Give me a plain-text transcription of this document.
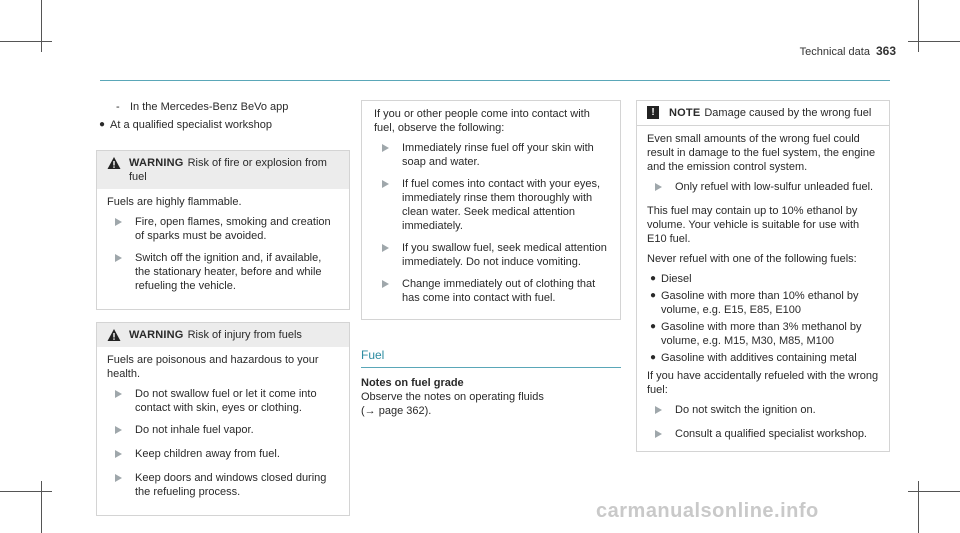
Technical data 363
- In the Mercedes-Benz BeVo app
● At a qualified specialist workshop
WARNING Risk of fire or explosion from fuel

Fuels are highly flammable.

Fire, open flames, smoking and creation of sparks must be avoided.
Switch off the ignition and, if available, the stationary heater, before and while refueling the vehicle.
WARNING Risk of injury from fuels

Fuels are poisonous and hazardous to your health.

Do not swallow fuel or let it come into contact with skin, eyes or clothing.
Do not inhale fuel vapor.
Keep children away from fuel.
Keep doors and windows closed during the refueling process.

If you or other people come into contact with fuel, observe the following:

Immediately rinse fuel off your skin with soap and water.
If fuel comes into contact with your eyes, immediately rinse them thoroughly with clean water. Seek medical attention immediately.
If you swallow fuel, seek medical attention immediately. Do not induce vomiting.
Change immediately out of clothing that has come into contact with fuel.
Fuel
Notes on fuel grade
Observe the notes on operating fluids
(→ page 362).
!	NOTE Damage caused by the wrong fuel

Even small amounts of the wrong fuel could result in damage to the fuel system, the engine and the emission control system.

Only refuel with low-sulfur unleaded fuel.

This fuel may contain up to 10% ethanol by volume. Your vehicle is suitable for use with E10 fuel.

Never refuel with one of the following fuels:

● Diesel
● Gasoline with more than 10% ethanol by volume, e.g. E15, E85, E100
● Gasoline with more than 3% methanol by volume, e.g. M15, M30, M85, M100
● Gasoline with additives containing metal

If you have accidentally refueled with the wrong fuel:

Do not switch the ignition on.
Consult a qualified specialist workshop.
carmanualsonline.info
